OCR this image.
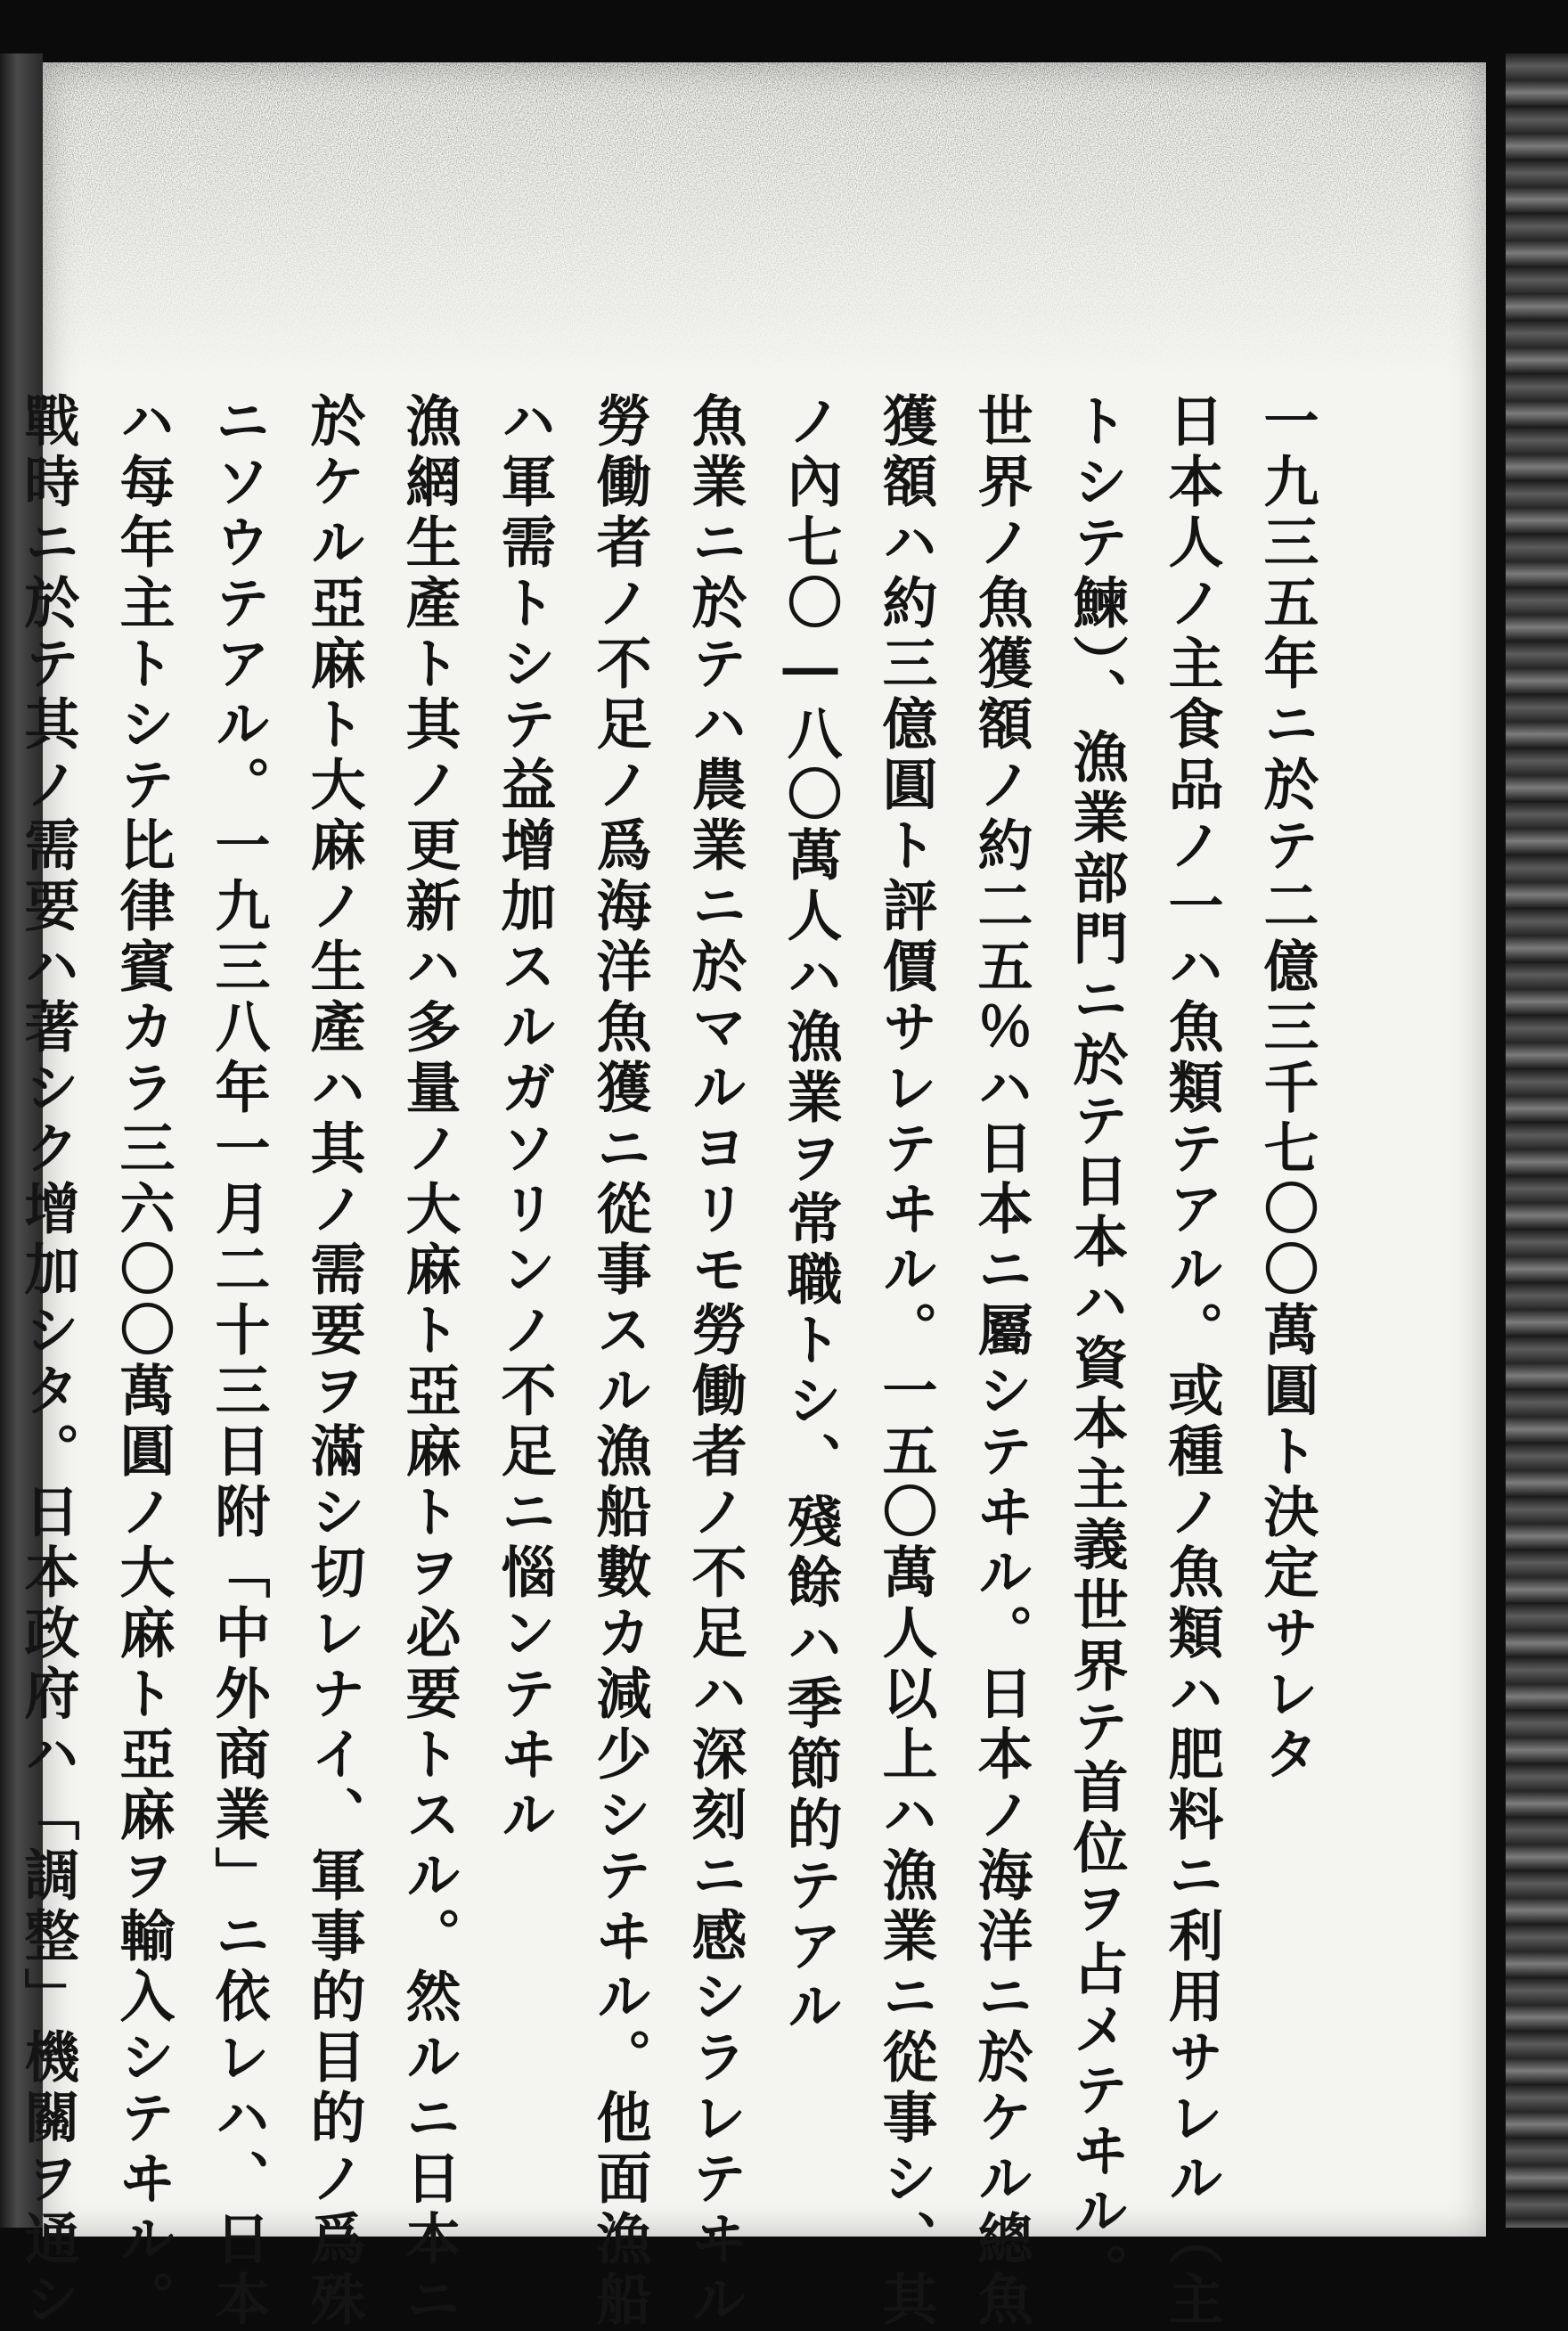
一九三五年ニ於テ二億三千七〇〇萬圓ト決定サレタ
日本人ノ主食品ノ一ハ魚類テアル。或種ノ魚類ハ肥料ニ利用サレル（主
トシテ鰊）、漁業部門ニ於テ日本ハ資本主義世界テ首位ヲ占メテヰル。
世界ノ魚獲額ノ約二五％ハ日本ニ屬シテヰル。日本ノ海洋ニ於ケル總魚
獲額ハ約三億圓ト評價サレテヰル。一五〇萬人以上ハ漁業ニ從事シ、其
ノ內七〇―八〇萬人ハ漁業ヲ常職トシ、殘餘ハ季節的テアル
魚業ニ於テハ農業ニ於マルヨリモ勞働者ノ不足ハ深刻ニ感シラレテヰル
勞働者ノ不足ノ爲海洋魚獲ニ從事スル漁船數カ減少シテヰル。他面漁船
ハ軍需トシテ益增加スルガソリンノ不足ニ惱ンテヰル
漁網生產ト其ノ更新ハ多量ノ大麻ト亞麻トヲ必要トスル。然ルニ日本ニ
於ケル亞麻ト大麻ノ生產ハ其ノ需要ヲ滿シ切レナイ、軍事的目的ノ爲殊
ニソウテアル。一九三八年一月二十三日附「中外商業」ニ依レハ、日本
ハ每年主トシテ比律賓カラ三六〇〇萬圓ノ大麻ト亞麻ヲ輸入シテヰル。
戰時ニ於テ其ノ需要ハ著シク增加シタ。日本政府ハ「調整」機關ヲ通シ
